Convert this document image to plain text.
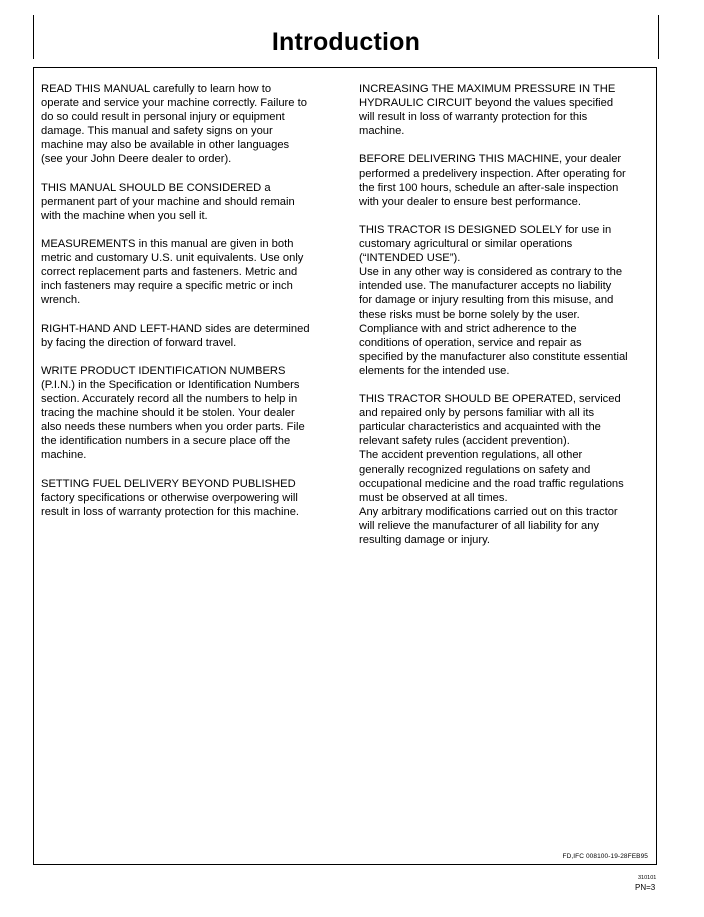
Introduction

READ THIS MANUAL carefully to learn how to
operate and service your machine correctly. Failure to
do so could result in personal injury or equipment
damage. This manual and safety signs on your
machine may also be available in other languages
(see your John Deere dealer to order).

THIS MANUAL SHOULD BE CONSIDERED a
permanent part of your machine and should remain
with the machine when you sell it.

MEASUREMENTS in this manual are given in both
metric and customary U.S. unit equivalents. Use only
correct replacement parts and fasteners. Metric and
inch fasteners may require a specific metric or inch
wrench.

RIGHT-HAND AND LEFT-HAND sides are determined
by facing the direction of forward travel.

WRITE PRODUCT IDENTIFICATION NUMBERS
(P.I.N.) in the Specification or Identification Numbers
section. Accurately record all the numbers to help in
tracing the machine should it be stolen. Your dealer
also needs these numbers when you order parts. File
the identification numbers in a secure place off the
machine.

SETTING FUEL DELIVERY BEYOND PUBLISHED
factory specifications or otherwise overpowering will
result in loss of warranty protection for this machine.

INCREASING THE MAXIMUM PRESSURE IN THE
HYDRAULIC CIRCUIT beyond the values specified
will result in loss of warranty protection for this
machine.

BEFORE DELIVERING THIS MACHINE, your dealer
performed a predelivery inspection. After operating for
the first 100 hours, schedule an after-sale inspection
with your dealer to ensure best performance.

THIS TRACTOR IS DESIGNED SOLELY for use in
customary agricultural or similar operations
(“INTENDED USE”).
Use in any other way is considered as contrary to the
intended use. The manufacturer accepts no liability
for damage or injury resulting from this misuse, and
these risks must be borne solely by the user.
Compliance with and strict adherence to the
conditions of operation, service and repair as
specified by the manufacturer also constitute essential
elements for the intended use.

THIS TRACTOR SHOULD BE OPERATED, serviced
and repaired only by persons familiar with all its
particular characteristics and acquainted with the
relevant safety rules (accident prevention).
The accident prevention regulations, all other
generally recognized regulations on safety and
occupational medicine and the road traffic regulations
must be observed at all times.
Any arbitrary modifications carried out on this tractor
will relieve the manufacturer of all liability for any
resulting damage or injury.

FD,IFC 008100-19-28FEB95
310101
PN=3
